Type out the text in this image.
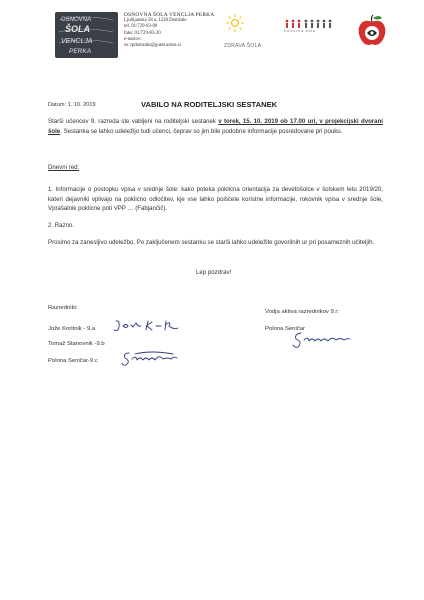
OSNOVNA
ŠOLA
VENCLJA
PERKA
OSNOVNA ŠOLA VENCLJA PERKA
Ljubljanska 58 a, 1230 Domžale
tel. 01/729-83-00
faks: 01/729-83-20
e-naslov:
os.vpdomzale@guest.arnes.si	ZDRAVA ŠOLA
kulturna šola
Datum: 1. 10. 2019	VABILO NA RODITELJSKI SESTANEK
Starši učencev 9. razreda ste vabljeni na roditeljski sestanek v torek, 15. 10. 2019 ob 17.00 uri, v projekcijski dvorani šole. Sestanka se lahko udeležijo tudi učenci, čeprav so jim bile podobne informacije posredovane pri pouku.
Dnevni red:
1. Informacije o postopku vpisa v srednje šole: kako poteka poklicna orientacija za devetošolce v šolskem letu 2019/20, kateri dejavniki vplivajo na poklicno odločitev, kje vse lahko poiščete koristne informacije, rokovnik vpisa v srednje šole, Vprašalnik poklicne poti VPP … (Fabjančič).
2. Razno.
Prosimo za zanesljivo udeležbo. Po zaključenem sestanku se starši lahko udeležite govorilnih ur pri posameznih učiteljih.
Lep pozdrav!
Razredniki:
Jože Koritnik - 9.a
Tomaž Stanovnik -9.b
Polona Seničar-9.c
Vodja aktiva razrednikov 9.r:
Polona Seničar
